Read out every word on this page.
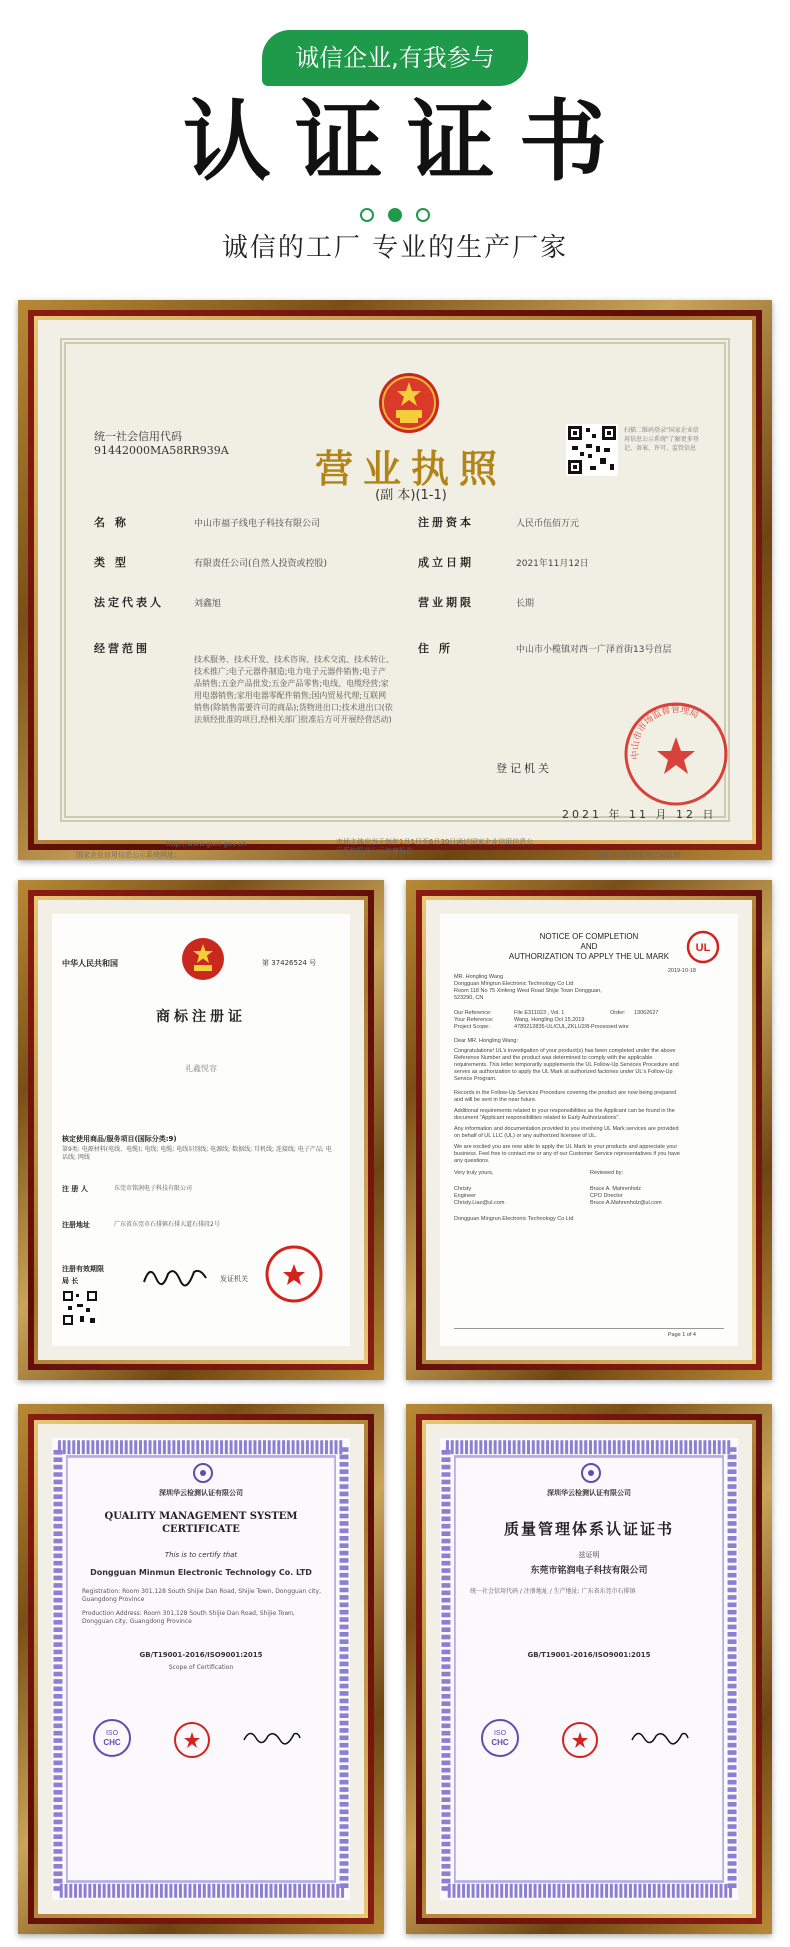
诚信企业,有我参与
认证证书
诚信的工厂 专业的生产厂家
统一社会信用代码
91442000MA58RR939A	营业执照
(副 本)(1-1)
扫描二维码登录"国家企业信用信息公示系统"了解更多登记、备案、许可、监管信息
名 称	中山市福子线电子科技有限公司
类 型	有限责任公司(自然人投资或控股)
法定代表人	刘鑫旭
经营范围
技术服务、技术开发、技术咨询、技术交流、技术转让、技术推广;电子元器件制造;电力电子元器件销售;电子产品销售;五金产品批发;五金产品零售;电线、电缆经营;家用电器销售;家用电器零配件销售;国内贸易代理;互联网销售(除销售需要许可的商品);货物进出口;技术进出口(依法须经批准的项目,经相关部门批准后方可开展经营活动)
注册资本	人民币伍佰万元
成立日期	2021年11月12日
营业期限	长期
住 所	中山市小榄镇对西一广泽首街13号首层
登记机关
中山市市场监督管理局
2021 年 11 月 12 日
国家企业信用信息公示系统网址:
http://www.gsxt.gov.cn	市场主体应当于每年1月1日至6月30日通过国家企业信用信息公示系统报送公示年度报告	国家市场监督管理总局监制
中华人民共和国	第 37426524 号
商标注册证
礼鑫悦容
核定使用商品/服务项目(国际分类:9)
第9类: 电源材料(电线、电缆); 电线; 电缆; 电线识别线; 电源线; 数据线; 耳机线; 连接线; 电子产品; 电话线; 网线
注 册 人	东莞市铭润电子科技有限公司
注册地址	广东省东莞市石排镇石排大道石排段2号
注册有效期限
局 长	发证机关
NOTICE OF COMPLETION
AND
AUTHORIZATION TO APPLY THE UL MARK
UL
2019-10-18
MR. Hongling Wang
Dongguan Mingrun Electronic Technology Co Ltd
Room 118 No 75 Xinfeng West Road Shijie Town Dongguan, 523290, CN
Our Reference:	File E311023 , Vol. 1	Order:	13062627
Your Reference:	Wang, Hongling Oct 15,2019
Project Scope:	4789212835-UL/CUL,ZKLU2/8-Processed wire
Dear MR. Hongling Wang:
Congratulations! UL's investigation of your product(s) has been completed under the above Reference Number and the product was determined to comply with the applicable requirements. This letter temporarily supplements the UL Follow-Up Services Procedure and serves as authorization to apply the UL Mark at authorized factories under UL's Follow-Up Service Program.
Records in the Follow-Up Services Procedure covering the product are now being prepared and will be sent in the near future.
Additional requirements related to your responsibilities as the Applicant can be found in the document "Applicant responsibilities related to Early Authorizations".
Any information and documentation provided to you involving UL Mark services are provided on behalf of UL LLC (UL) or any authorized licensee of UL.
We are excited you are now able to apply the UL Mark to your products and appreciate your business. Feel free to contact me or any of our Customer Service representatives if you have any questions.
Very truly yours,	Reviewed by:
Christy
Engineer
Christy.Liao@ul.com
Bruce A. Mahrenholz
CPO Director
Bruce.A.Mahrenholz@ul.com
Dongguan Mingrun Electronic Technology Co Ltd
Page 1 of 4
深圳华云检测认证有限公司
QUALITY MANAGEMENT SYSTEM
CERTIFICATE
This is to certify that
Dongguan Minmun Electronic Technology Co. LTD
Registration: Room 301,128 South Shijie Dan Road, Shijie Town, Dongguan city, Guangdong Province
Production Address: Room 301,128 South Shijie Dan Road, Shijie Town, Dongguan city, Guangdong Province
GB/T19001-2016/ISO9001:2015
Scope of Certification
ISO
CHC
深圳华云检测认证有限公司
质量管理体系认证证书
兹证明
东莞市铭润电子科技有限公司
统一社会信用代码 / 注册地址 / 生产地址: 广东省东莞市石排镇
GB/T19001-2016/ISO9001:2015
ISO
CHC
